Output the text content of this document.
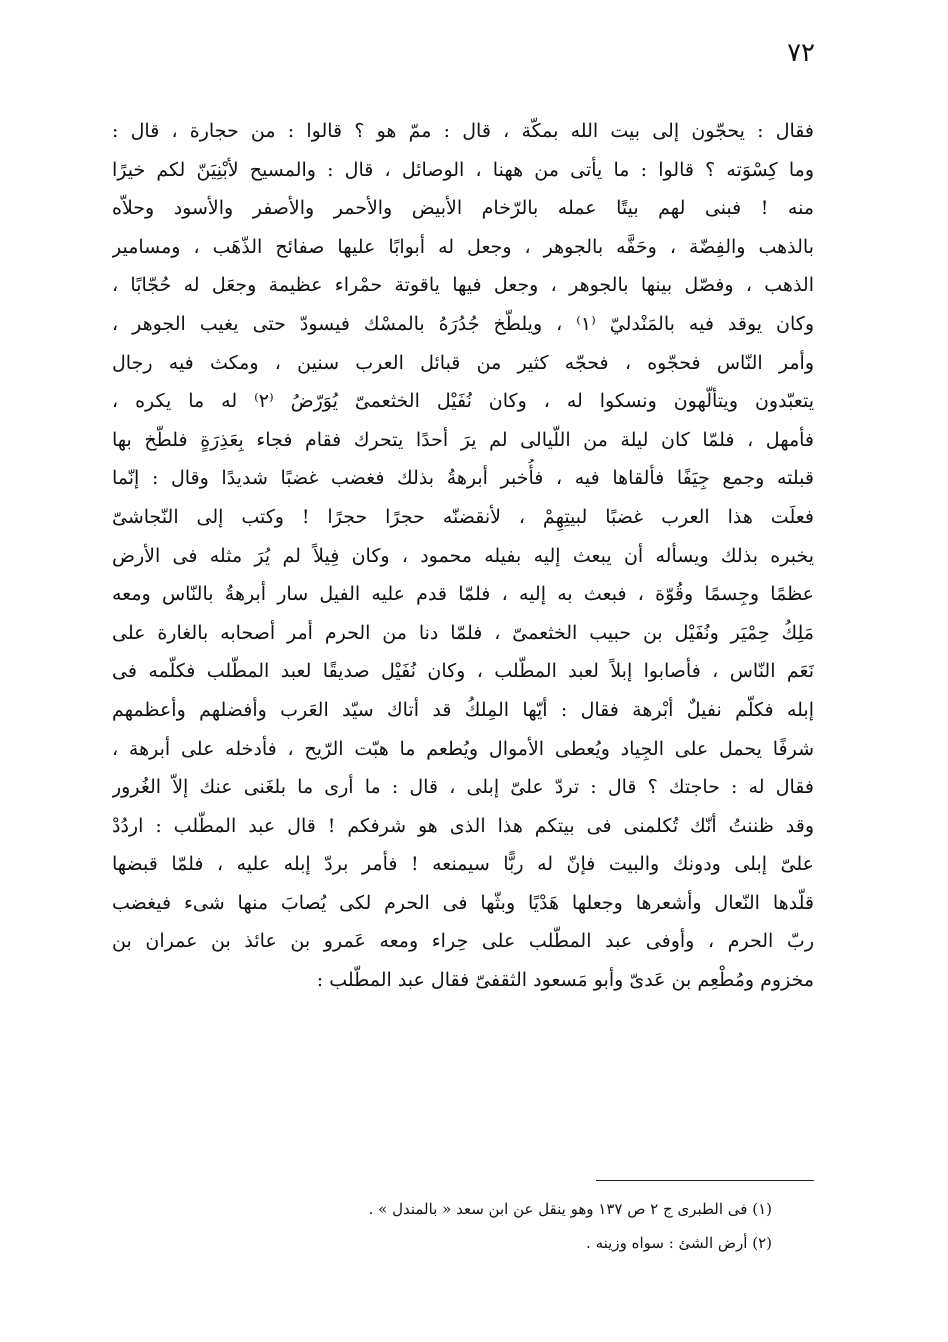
٧٢
فقال : يحجّون إلى بيت الله بمكّة ، قال : ممّ هو ؟ قالوا : من حجارة ، قال :
وما كِسْوَته ؟ قالوا : ما يأتى من ههنا ، الوصائل ، قال : والمسيح لأبْنِيَنّ لكم خيرًا
منه ! فبنى لهم بيتًا عمله بالرّخام الأبيض والأحمر والأصفر والأسود وحلاّه
بالذهب والفِضّة ، وحَفَّه بالجوهر ، وجعل له أبوابًا عليها صفائح الذّهَب ، ومسامير
الذهب ، وفصّل بينها بالجوهر ، وجعل فيها ياقوتة حمْراء عظيمة وجعَل له حُجّابًا ،
وكان يوقد فيه بالمَنْدليّ ⁽١⁾ ، ويلطّخ جُدُرَهُ بالمسْك فيسودّ حتى يغيب الجوهر ،
وأمر النّاس فحجّوه ، فحجّه كثير من قبائل العرب سنين ، ومكث فيه رجال
يتعبّدون ويتألّهون ونسكوا له ، وكان نُفَيْل الخثعمىّ يُوَرّضُ ⁽٢⁾ له ما يكره ،
فأمهل ، فلمّا كان ليلة من اللّيالى لم يرَ أحدًا يتحرك فقام فجاء بِعَذِرَةٍ فلطّخ بها
قبلته وجمع جِيَفًا فألقاها فيه ، فأُخبر أبرهةُ بذلك فغضب غضبًا شديدًا وقال : إنّما
فعلَت هذا العرب غضبًا لبيتِهِمْ ، لأنقضنّه حجرًا حجرًا ! وكتب إلى النّجاشىّ
يخبره بذلك ويسأله أن يبعث إليه بفيله محمود ، وكان فِيلاً لم يُرَ مثله فى الأرض
عظمًا وجِسمًا وقُوّة ، فبعث به إليه ، فلمّا قدم عليه الفيل سار أبرهةُ بالنّاس ومعه
مَلِكُ حِمْيَر ونُفَيْل بن حبيب الخثعمىّ ، فلمّا دنا من الحرم أمر أصحابه بالغارة على
نَعَم النّاس ، فأصابوا إبلاً لعبد المطّلب ، وكان نُفَيْل صديقًا لعبد المطّلب فكلّمه فى
إبله فكلّم نفيلٌ أبْرهة فقال : أيّها المِلكُ قد أتاك سيّد العَرب وأفضلهم وأعظمهم
شرفًا يحمل على الجِياد ويُعطى الأموال ويُطعم ما هبّت الرّيح ، فأدخله على أبرهة ،
فقال له : حاجتك ؟ قال : تردّ علىّ إبلى ، قال : ما أرى ما بلغَنى عنك إلاّ الغُرور
وقد ظننتُ أنّك تُكلمنى فى بيتكم هذا الذى هو شرفكم ! قال عبد المطّلب : اردُدْ
علىّ إبلى ودونك والبيت فإنّ له ربًّا سيمنعه ! فأمر بردّ إبله عليه ، فلمّا قبضها
قلّدها النّعال وأشعرها وجعلها هَدْيًا وبثّها فى الحرم لكى يُصابَ منها شىء فيغضب
ربّ الحرم ، وأوفى عبد المطّلب على حِراء ومعه عَمرو بن عائذ بن عمران بن
مخزوم ومُطْعِم بن عَدىّ وأبو مَسعود الثقفىّ فقال عبد المطّلب :
(١) فى الطبرى ج ٢ ص ١٣٧ وهو ينقل عن ابن سعد « بالمندل » .
(٢) أرض الشئ : سواه وزينه .
